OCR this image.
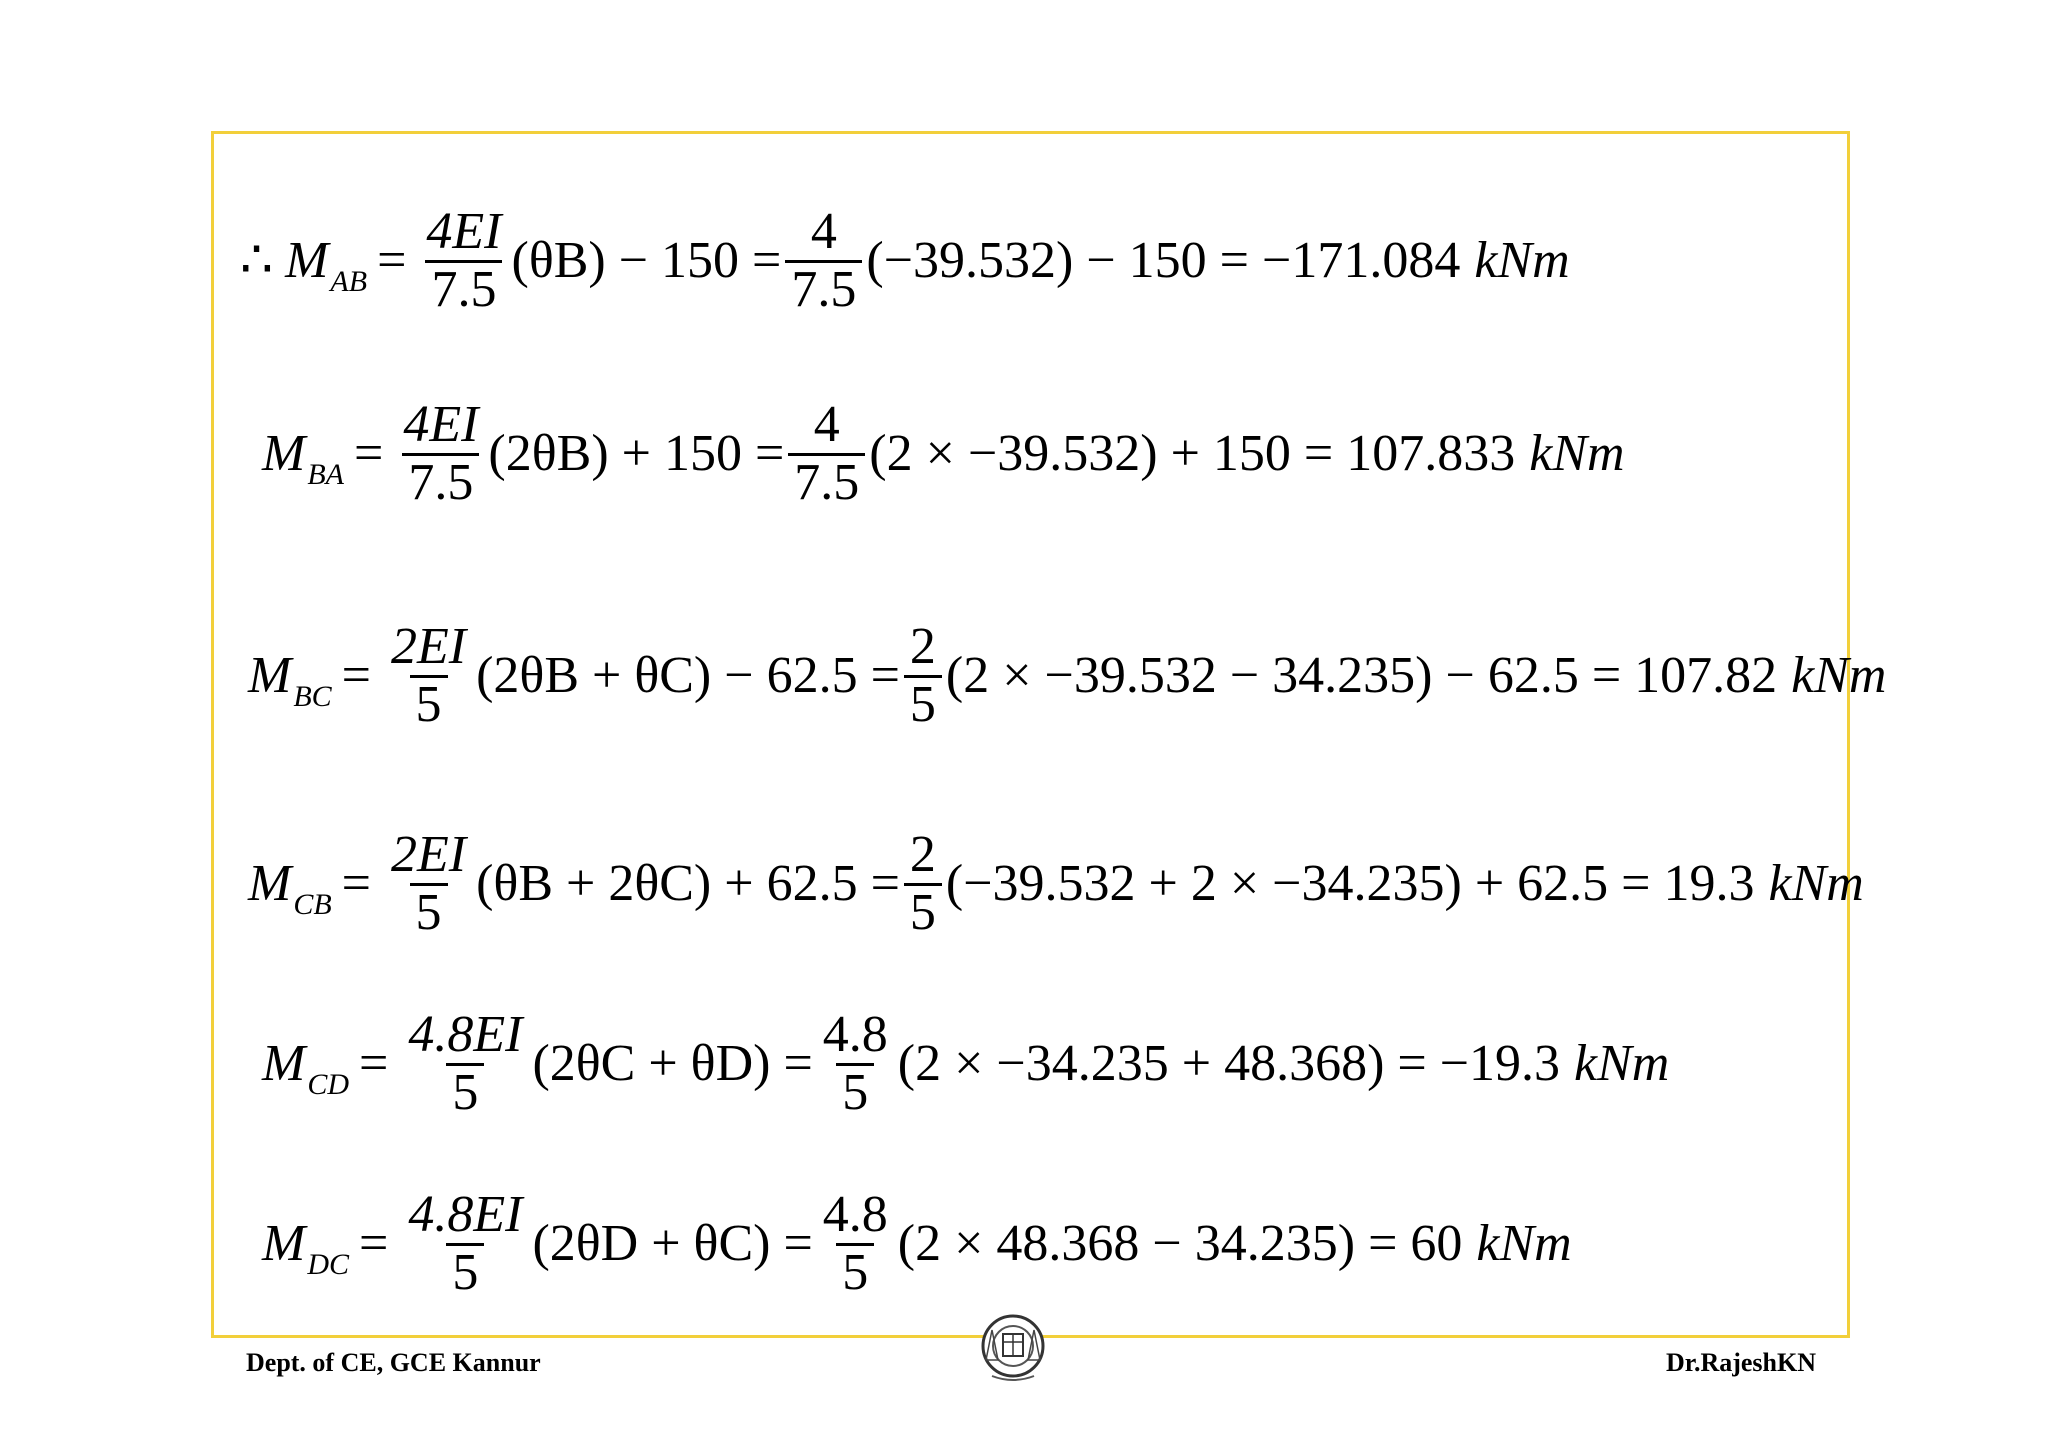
∴ M AB = $\frac{4EI}{7.5} (\theta B) - 150 = \frac{4}{7.5} (-39.532) - 150 = -171.084$ kNm
M BA = $\frac{4EI}{7.5} (2\theta B) + 150 = \frac{4}{7.5} (2 \times -39.532) + 150 = 107.833$ kNm
M BC = $\frac{2EI}{5} (2\theta B + \theta C) - 62.5 = \frac{2}{5} (2 \times -39.532 - 34.235) - 62.5 = 107.82$ kNm
M CB = $\frac{2EI}{5} (\theta B + 2\theta C) + 62.5 = \frac{2}{5} (-39.532 + 2 \times -34.235) + 62.5 = 19.3$ kNm
M CD = $\frac{4.8EI}{5} (2\theta C + \theta D) = \frac{4.8}{5} (2 \times -34.235 + 48.368) = -19.3$ kNm
M DC = $\frac{4.8EI}{5} (2\theta D + \theta C) = \frac{4.8}{5} (2 \times 48.368 - 34.235) = 60$ kNm
Dept. of CE, GCE Kannur	Dr.RajeshKN
